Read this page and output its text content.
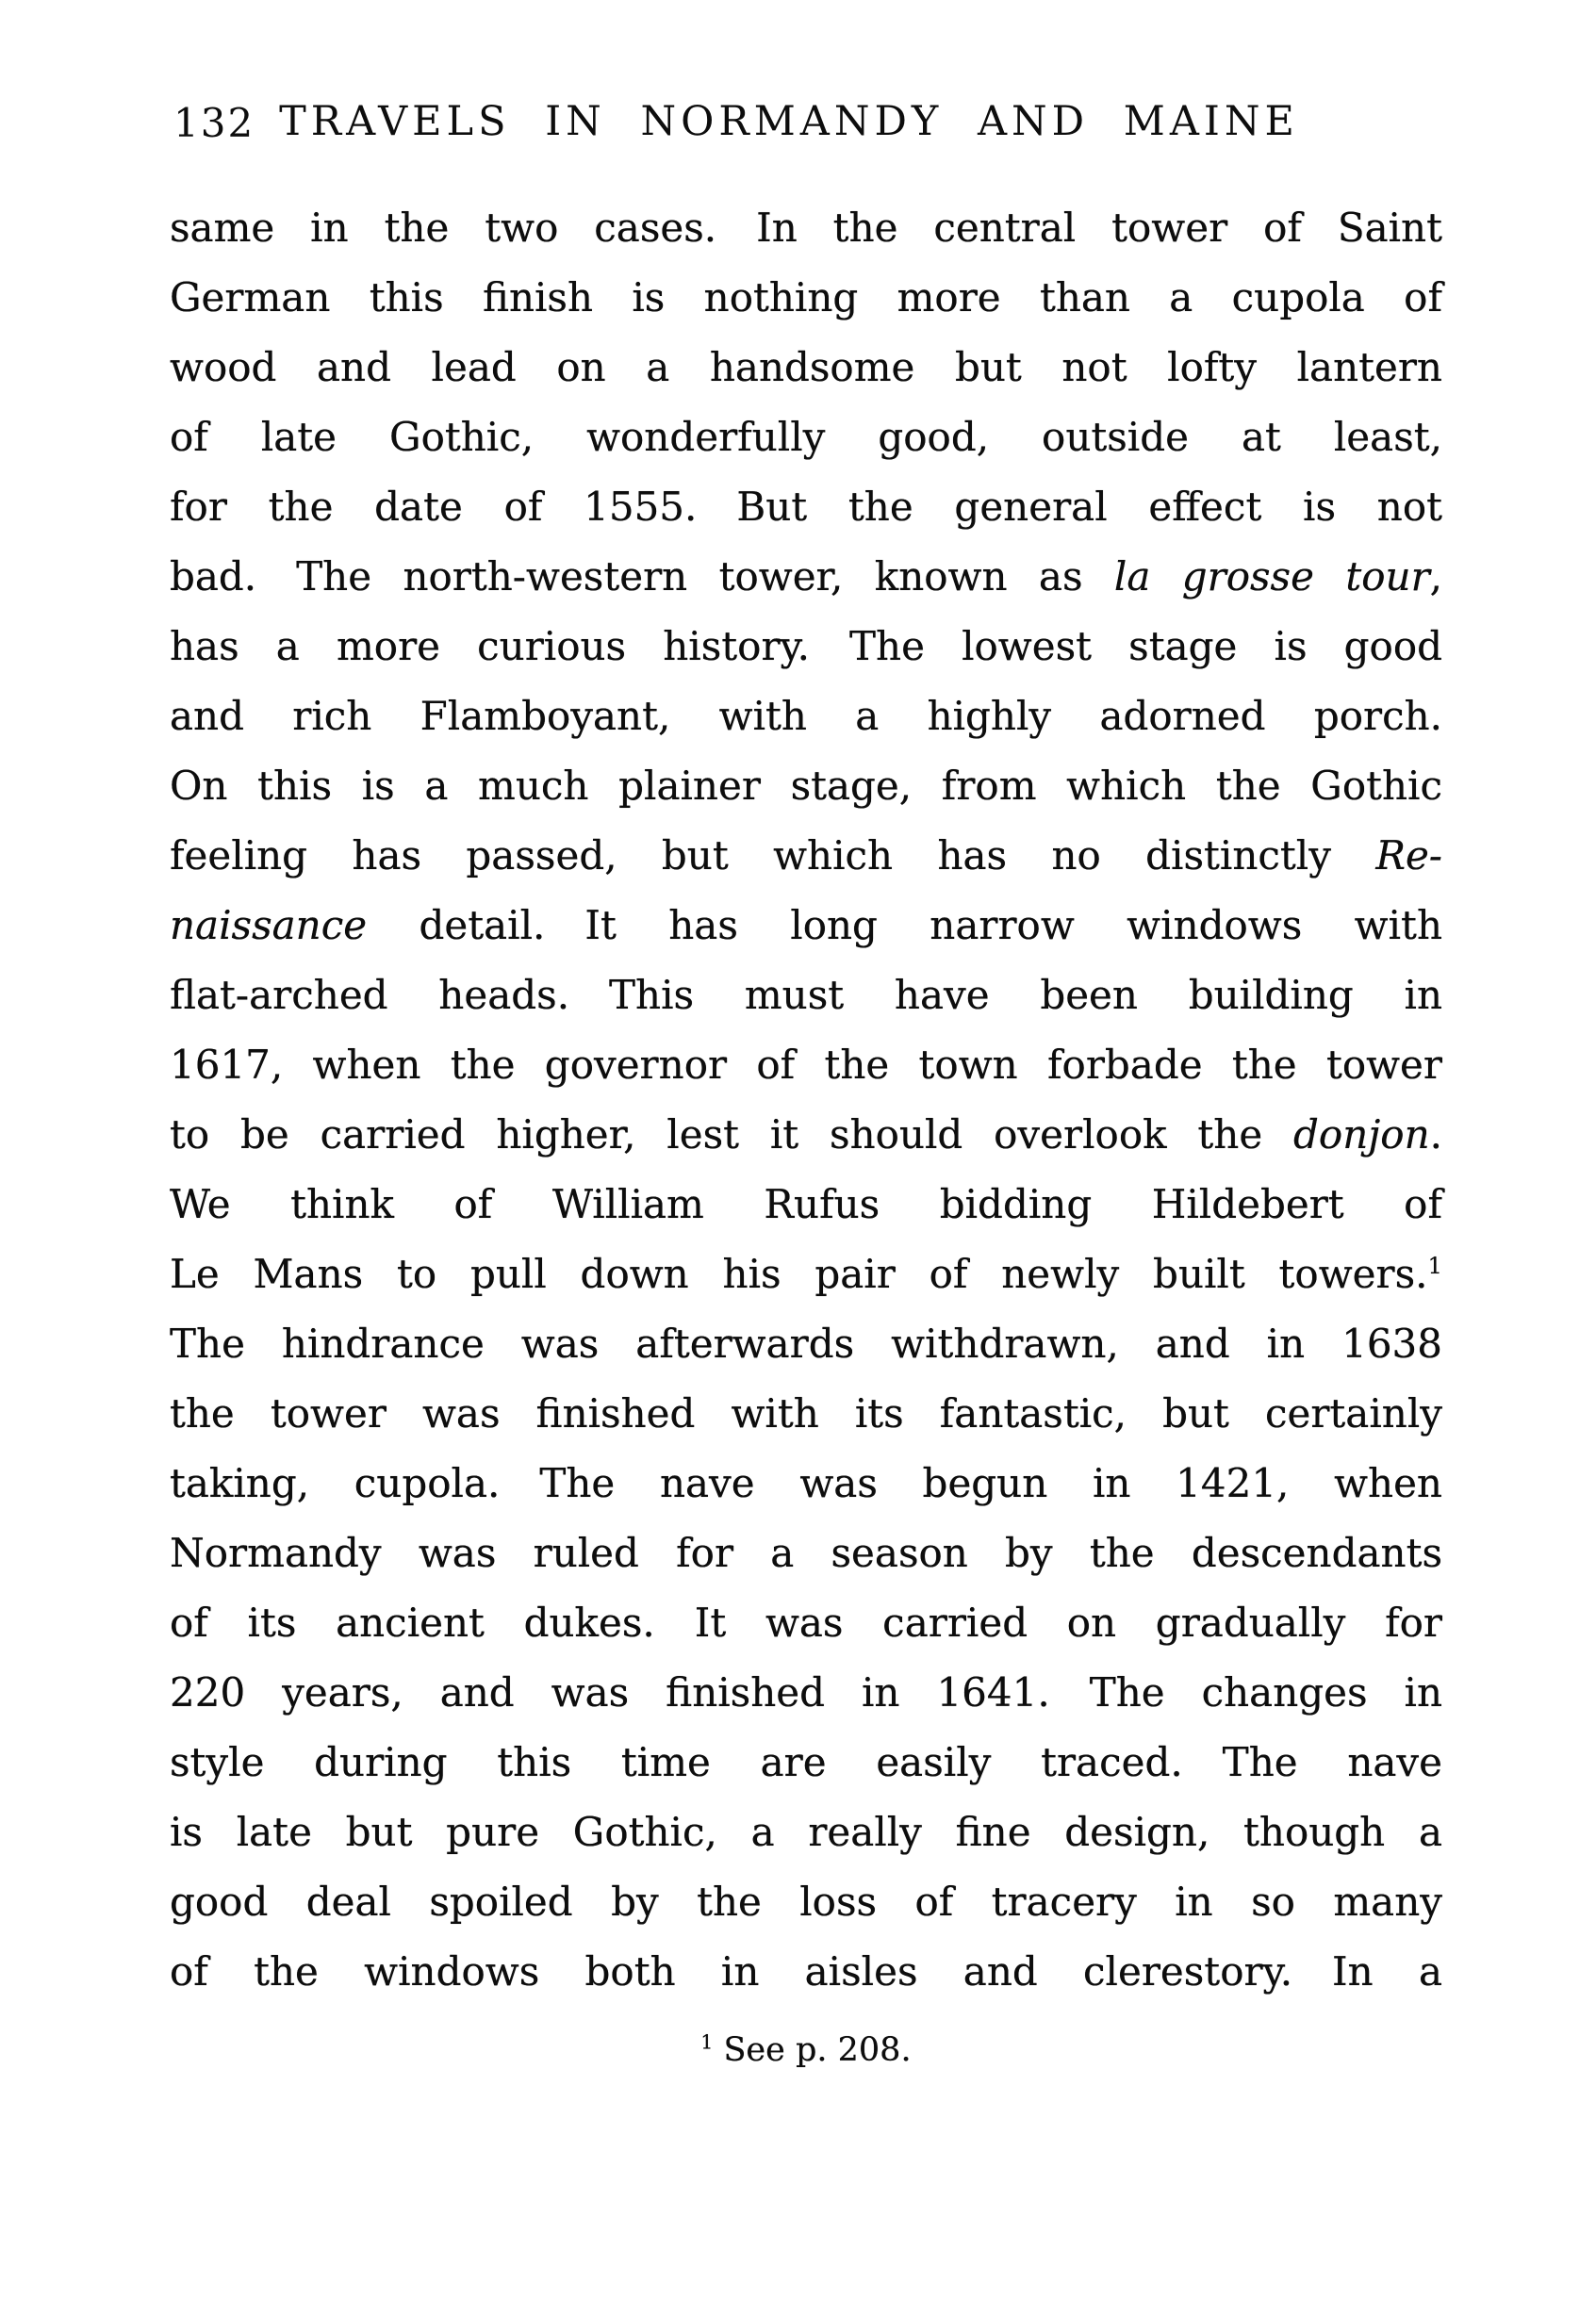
132 TRAVELS IN NORMANDY AND MAINE
same in the two cases.  In the central tower of Saint
German this finish is nothing more than a cupola of
wood and lead on a handsome but not lofty lantern
of late Gothic, wonderfully good, outside at least,
for the date of 1555.  But the general effect is not
bad.  The north-western tower, known as la grosse tour,
has a more curious history.  The lowest stage is good
and rich Flamboyant, with a highly adorned porch.
On this is a much plainer stage, from which the Gothic
feeling has passed, but which has no distinctly Re-
naissance detail.  It has long narrow windows with
flat-arched heads.  This must have been building in
1617, when the governor of the town forbade the tower
to be carried higher, lest it should overlook the donjon.
We think of William Rufus bidding Hildebert of
Le Mans to pull down his pair of newly built towers.$^1$
The hindrance was afterwards withdrawn, and in 1638
the tower was finished with its fantastic, but certainly
taking, cupola.  The nave was begun in 1421, when
Normandy was ruled for a season by the descendants
of its ancient dukes.  It was carried on gradually for
220 years, and was finished in 1641.  The changes in
style during this time are easily traced.  The nave
is late but pure Gothic, a really fine design, though a
good deal spoiled by the loss of tracery in so many
of the windows both in aisles and clerestory.  In a
$^1$ See p. 208.
